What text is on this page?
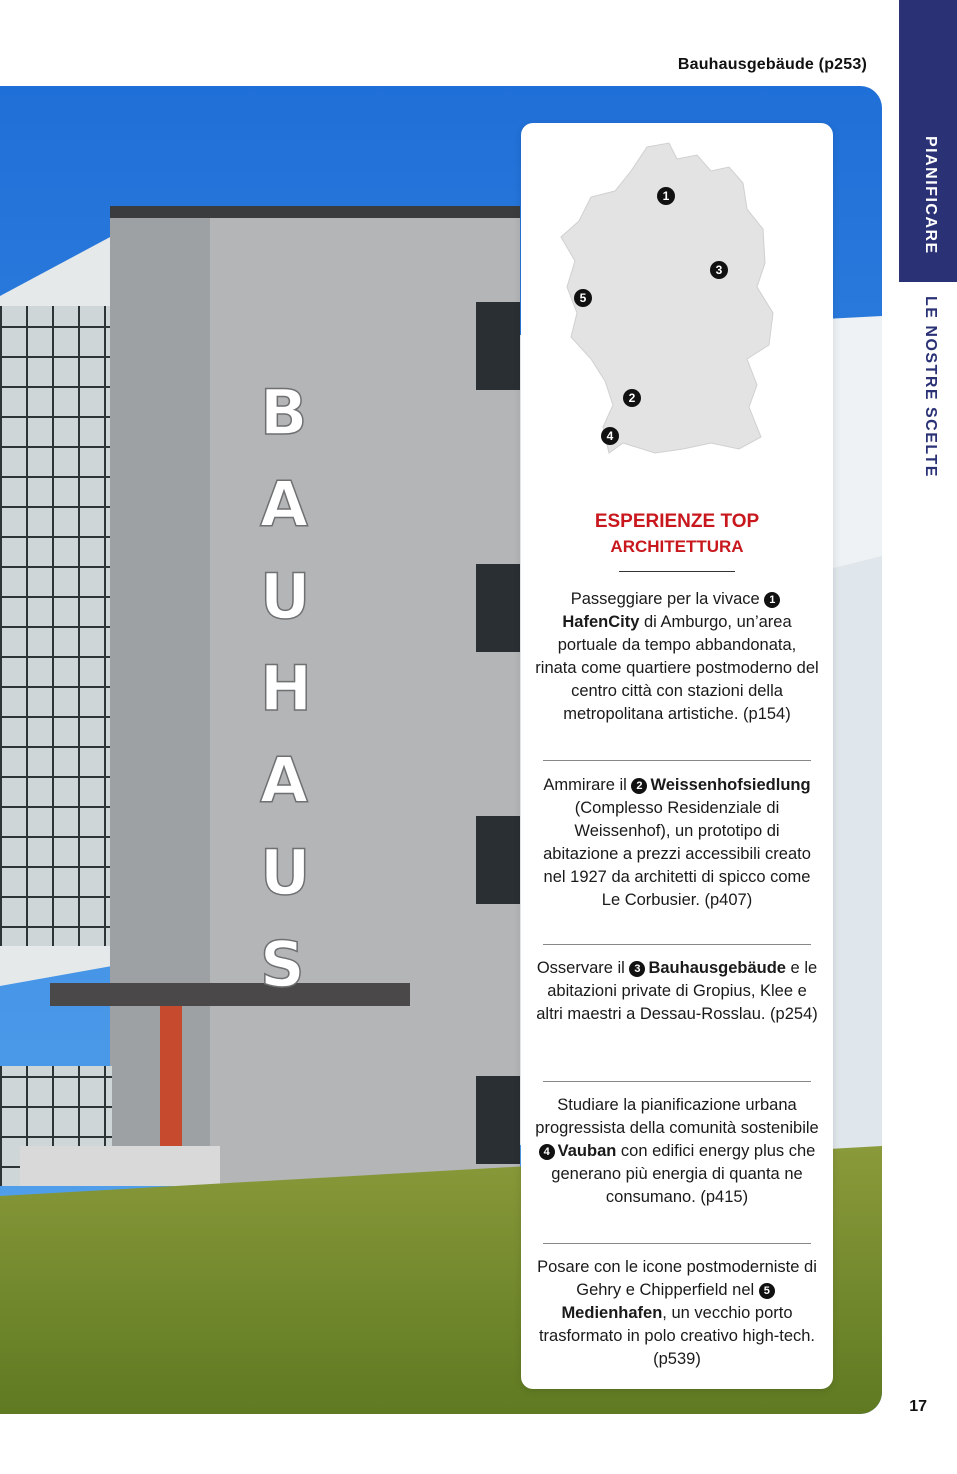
Bauhausgebäude (p253)
PIANIFICARE
LE NOSTRE SCELTE
B
A
U
H
A
U
S
1
2
3
4
5
ESPERIENZE TOP
ARCHITETTURA
Passeggiare per la vivace 1HafenCity di Amburgo, un’area portuale da tempo abbandonata, rinata come quartiere postmoderno del centro città con stazioni della metropolitana artistiche. (p154)
Ammirare il 2 Weissenhofsiedlung (Complesso Residenziale di Weissenhof), un prototipo di abitazione a prezzi accessibili creato nel 1927 da architetti di spicco come Le Corbusier. (p407)
Osservare il 3 Bauhausgebäude e le abitazioni private di Gropius, Klee e altri maestri a Dessau-Rosslau. (p254)
Studiare la pianificazione urbana progressista della comunità sostenibile 4 Vauban con edifici energy plus che generano più energia di quanta ne consumano. (p415)
Posare con le icone postmoderniste di Gehry e Chipperfield nel 5Medienhafen, un vecchio porto trasformato in polo creativo high-tech. (p539)
17
